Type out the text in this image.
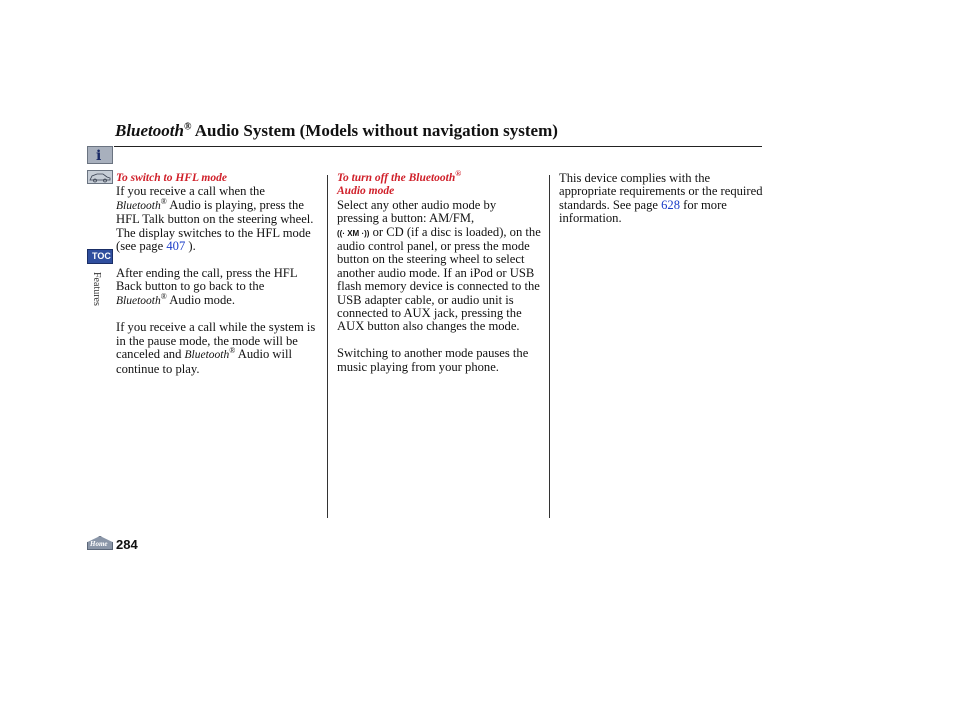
Bluetooth® Audio System (Models without navigation system)
i
TOC
Features
To switch to HFL mode

If you receive a call when the
Bluetooth® Audio is playing, press the HFL Talk button on the steering wheel. The display switches to the HFL mode (see page 407 ).

After ending the call, press the HFL Back button to go back to the
Bluetooth® Audio mode.

If you receive a call while the system is in the pause mode, the mode will be canceled and Bluetooth® Audio will continue to play.

To turn off the Bluetooth®
Audio mode

Select any other audio mode by pressing a button: AM/FM,
((· XM ·)) or CD (if a disc is loaded), on the audio control panel, or press the mode button on the steering wheel to select another audio mode. If an iPod or USB flash memory device is connected to the USB adapter cable, or audio unit is connected to AUX jack, pressing the AUX button also changes the mode.

Switching to another mode pauses the music playing from your phone.

This device complies with the appropriate requirements or the required standards. See page 628 for more information.

Home 284
